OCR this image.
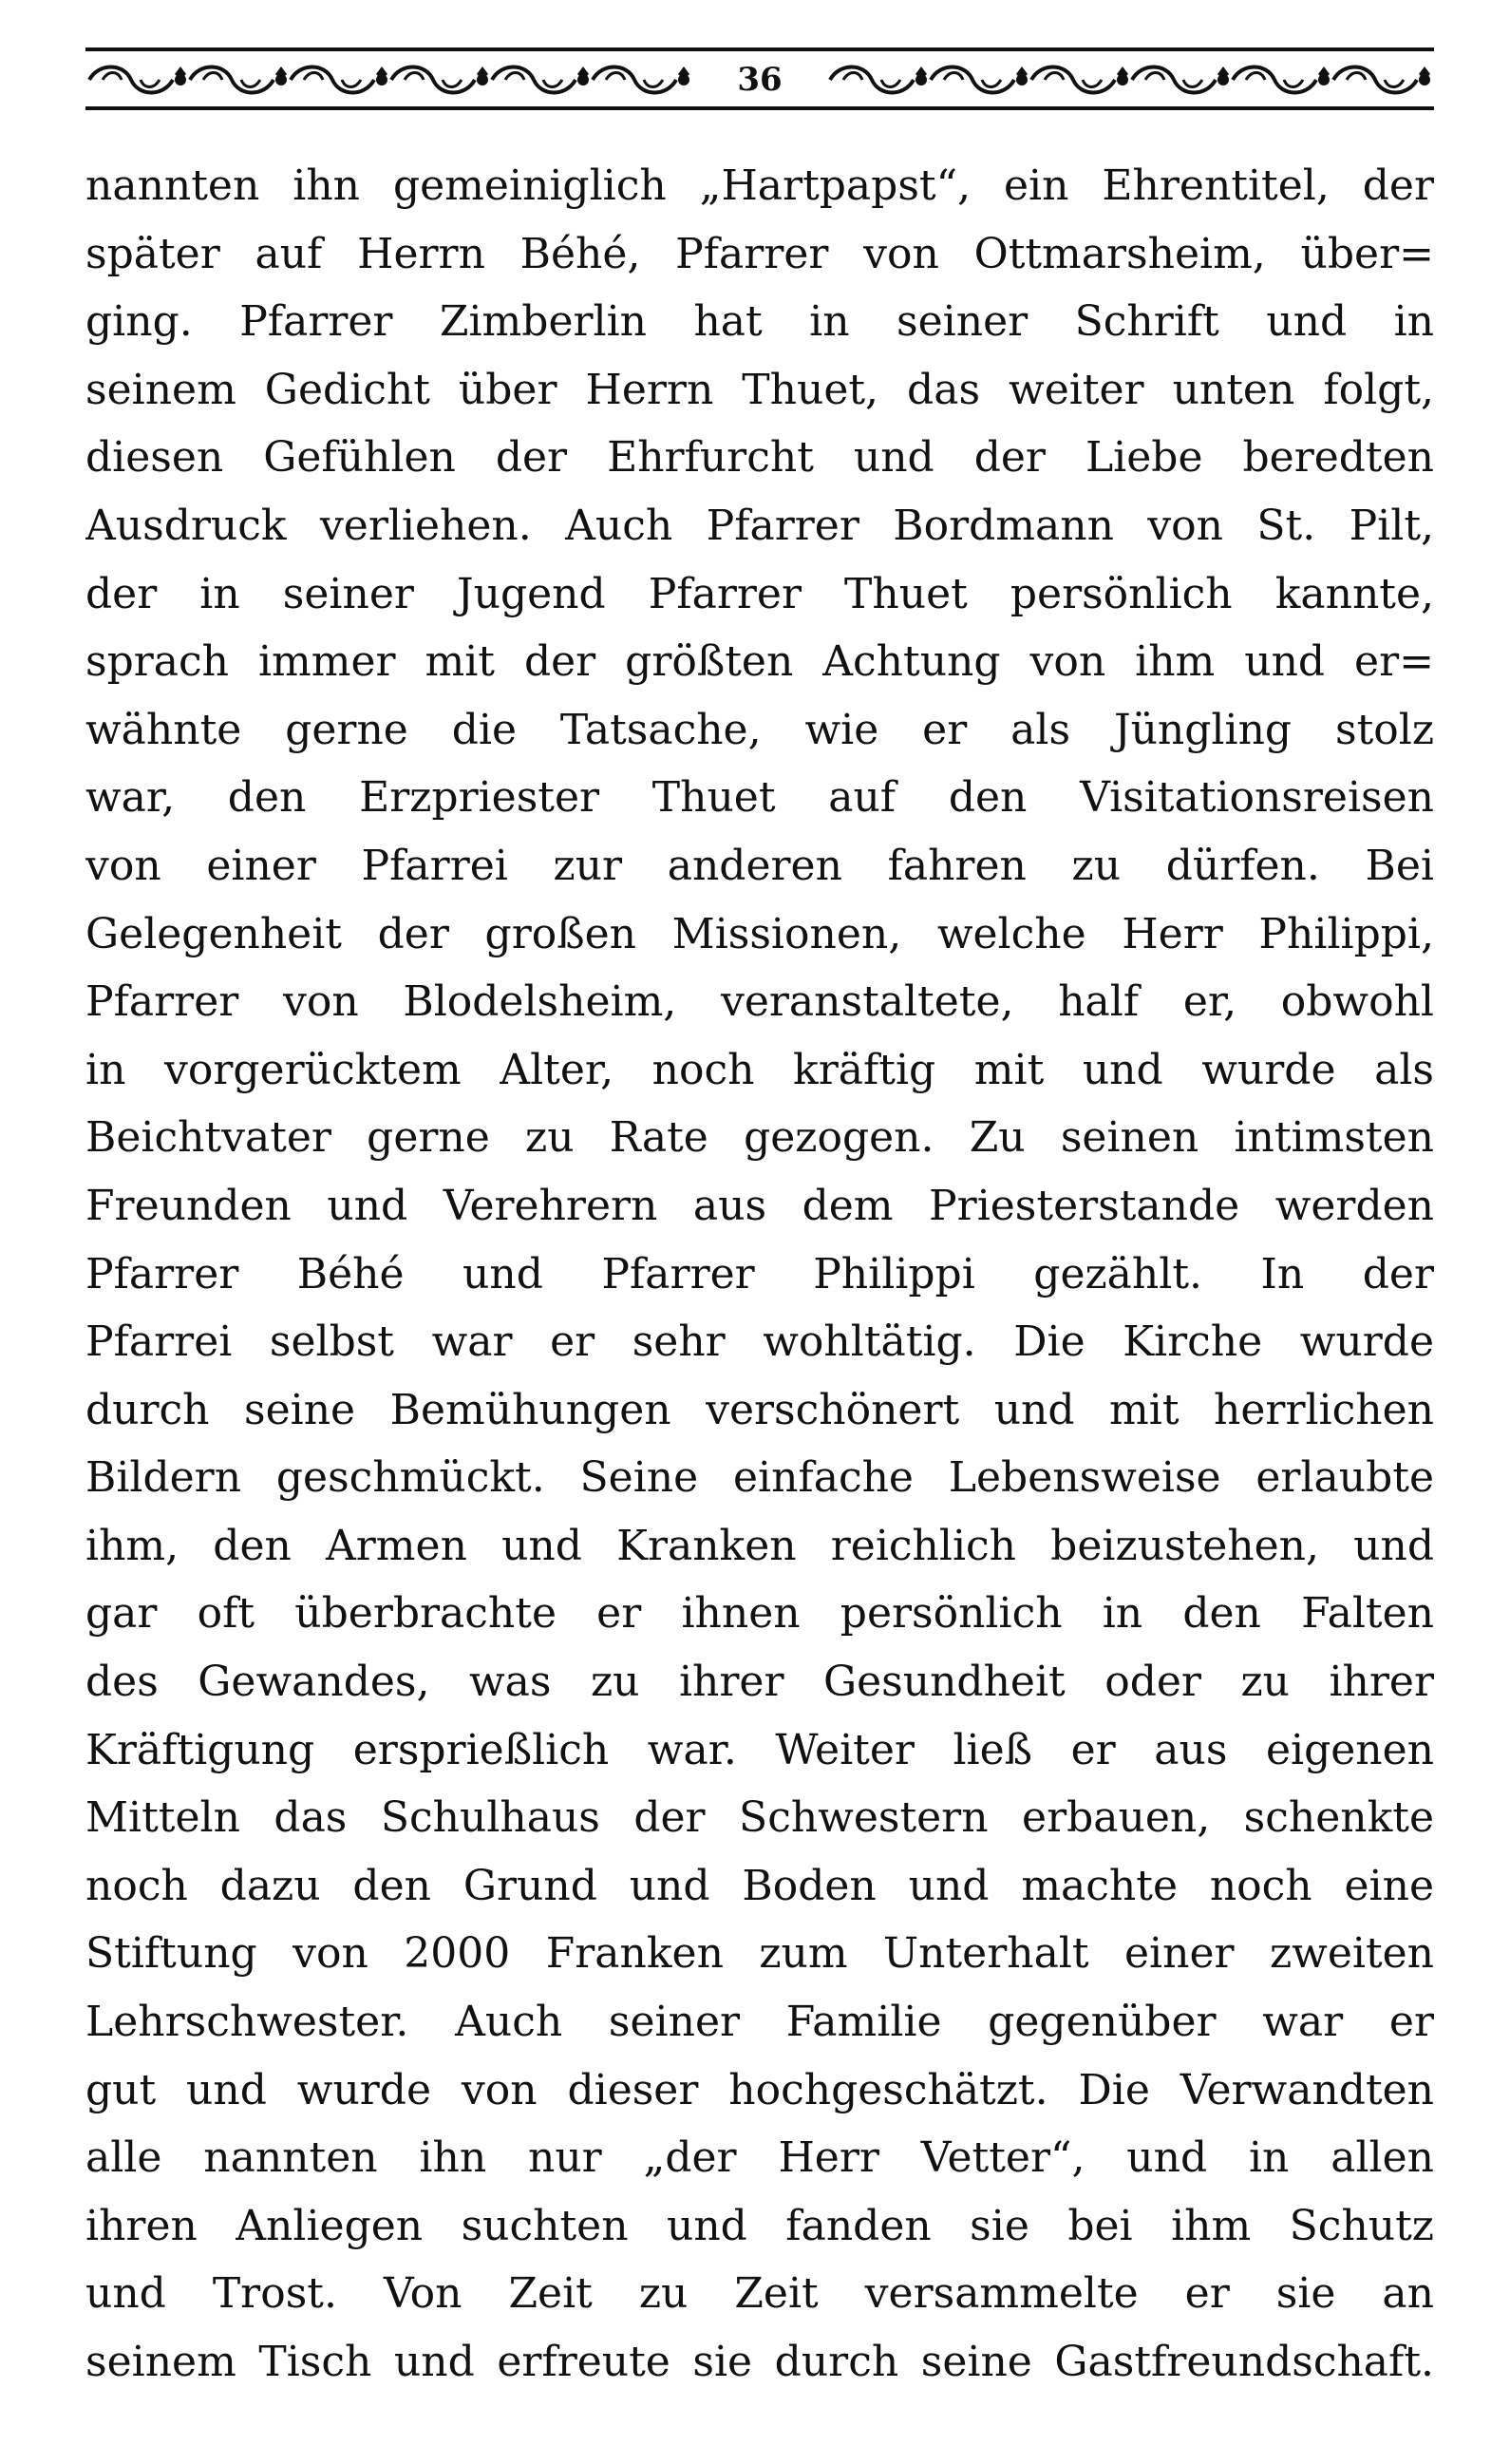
36
nannten ihn gemeiniglich „Hartpapst“, ein Ehrentitel, der
später auf Herrn Béhé, Pfarrer von Ottmarsheim, über=
ging. Pfarrer Zimberlin hat in seiner Schrift und in
seinem Gedicht über Herrn Thuet, das weiter unten folgt,
diesen Gefühlen der Ehrfurcht und der Liebe beredten
Ausdruck verliehen. Auch Pfarrer Bordmann von St. Pilt,
der in seiner Jugend Pfarrer Thuet persönlich kannte,
sprach immer mit der größten Achtung von ihm und er=
wähnte gerne die Tatsache, wie er als Jüngling stolz
war, den Erzpriester Thuet auf den Visitationsreisen
von einer Pfarrei zur anderen fahren zu dürfen. Bei
Gelegenheit der großen Missionen, welche Herr Philippi,
Pfarrer von Blodelsheim, veranstaltete, half er, obwohl
in vorgerücktem Alter, noch kräftig mit und wurde als
Beichtvater gerne zu Rate gezogen. Zu seinen intimsten
Freunden und Verehrern aus dem Priesterstande werden
Pfarrer Béhé und Pfarrer Philippi gezählt. In der
Pfarrei selbst war er sehr wohltätig. Die Kirche wurde
durch seine Bemühungen verschönert und mit herrlichen
Bildern geschmückt. Seine einfache Lebensweise erlaubte
ihm, den Armen und Kranken reichlich beizustehen, und
gar oft überbrachte er ihnen persönlich in den Falten
des Gewandes, was zu ihrer Gesundheit oder zu ihrer
Kräftigung ersprießlich war. Weiter ließ er aus eigenen
Mitteln das Schulhaus der Schwestern erbauen, schenkte
noch dazu den Grund und Boden und machte noch eine
Stiftung von 2000 Franken zum Unterhalt einer zweiten
Lehrschwester. Auch seiner Familie gegenüber war er
gut und wurde von dieser hochgeschätzt. Die Verwandten
alle nannten ihn nur „der Herr Vetter“, und in allen
ihren Anliegen suchten und fanden sie bei ihm Schutz
und Trost. Von Zeit zu Zeit versammelte er sie an
seinem Tisch und erfreute sie durch seine Gastfreundschaft.
